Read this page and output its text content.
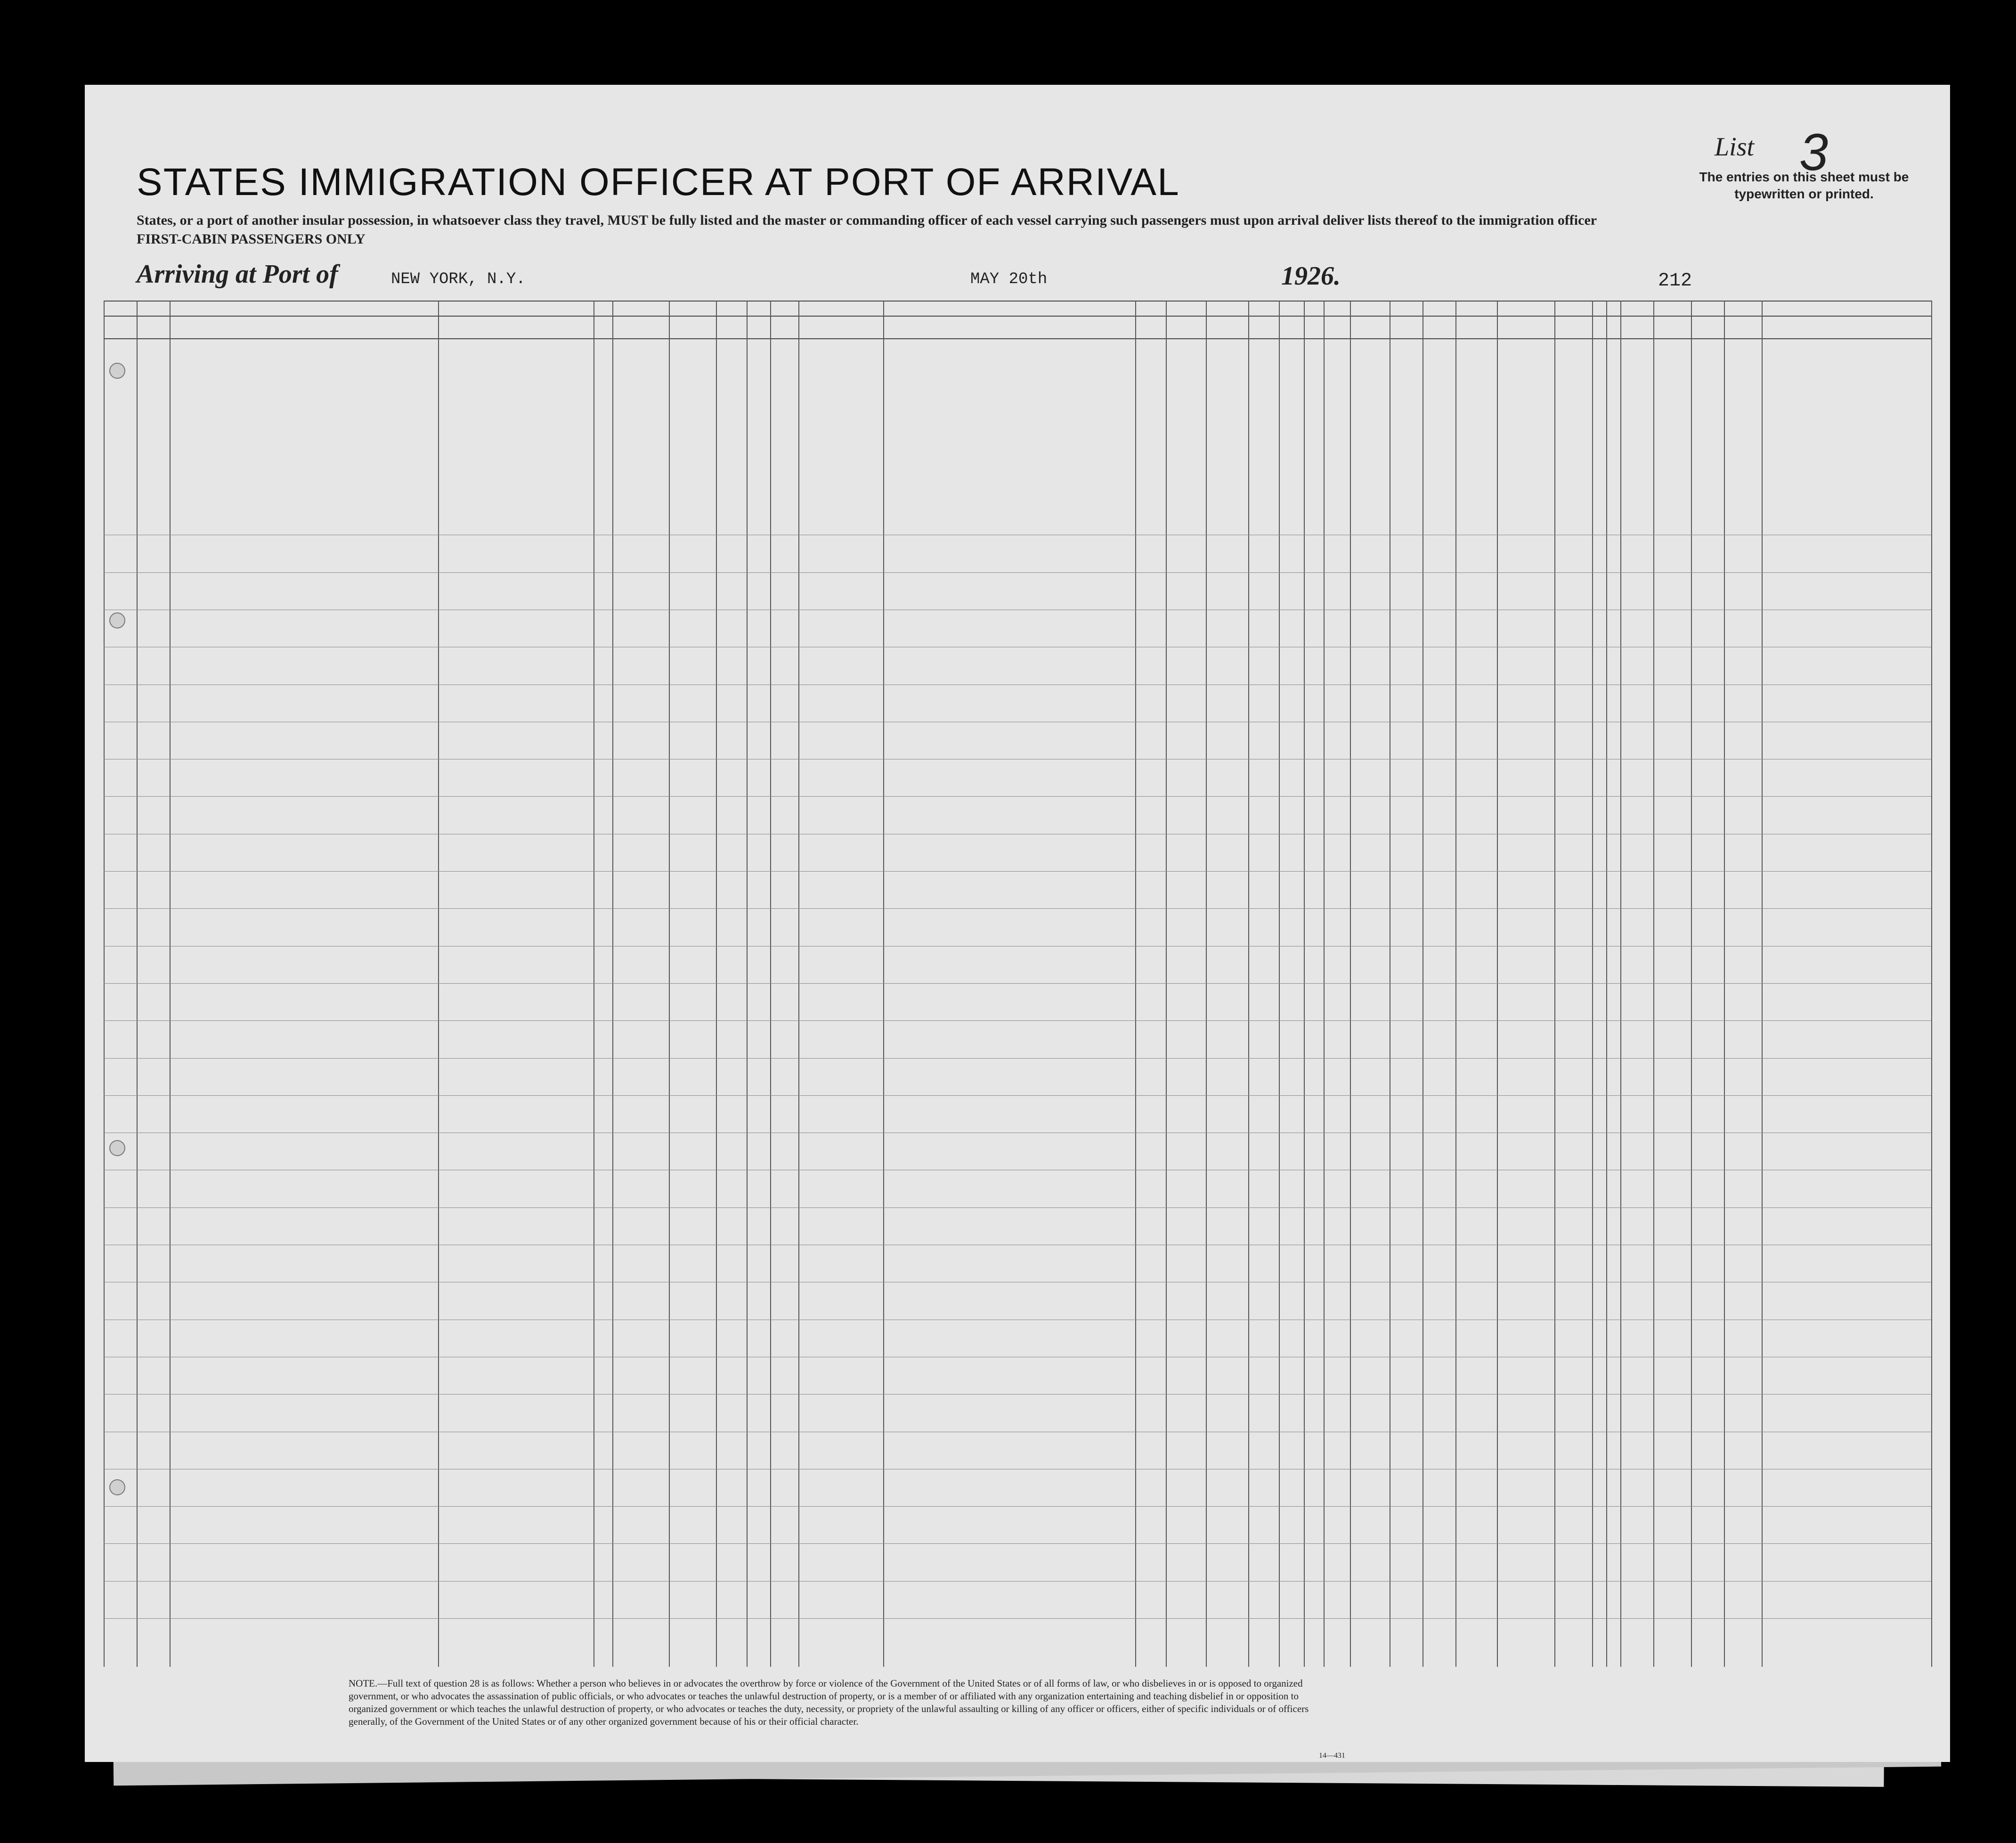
STATES IMMIGRATION OFFICER AT PORT OF ARRIVAL
States, or a port of another insular possession, in whatsoever class they travel, MUST be fully listed and the master or commanding officer of each vessel carrying such passengers must upon arrival deliver lists thereof to the immigration officer
FIRST-CABIN PASSENGERS ONLY
List 3
The entries on this sheet must be typewritten or printed.
Arriving at Port of	NEW YORK, N.Y.	MAY 20th	1926.	212
NOTE.—Full text of question 28 is as follows: Whether a person who believes in or advocates the overthrow by force or violence of the Government of the United States or of all forms of law, or who disbelieves in or is opposed to organized government, or who advocates the assassination of public officials, or who advocates or teaches the unlawful destruction of property, or is a member of or affiliated with any organization entertaining and teaching disbelief in or opposition to organized government or which teaches the unlawful destruction of property, or who advocates or teaches the duty, necessity, or propriety of the unlawful assaulting or killing of any officer or officers, either of specific individuals or of officers generally, of the Government of the United States or of any other organized government because of his or their official character.
14—431
